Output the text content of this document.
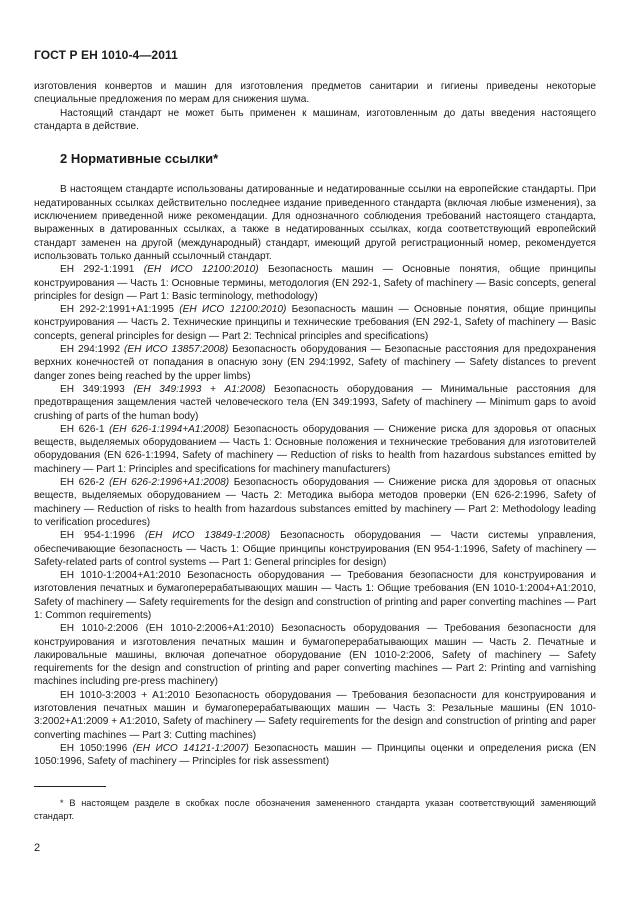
ГОСТ Р ЕН 1010-4—2011

изготовления конвертов и машин для изготовления предметов санитарии и гигиены приведены некоторые специальные предложения по мерам для снижения шума.

Настоящий стандарт не может быть применен к машинам, изготовленным до даты введения настоящего стандарта в действие.

2 Нормативные ссылки*

В настоящем стандарте использованы датированные и недатированные ссылки на европейские стандарты. При недатированных ссылках действительно последнее издание приведенного стандарта (включая любые изменения), за исключением приведенной ниже рекомендации. Для однозначного соблюдения требований настоящего стандарта, выраженных в датированных ссылках, а также в недатированных ссылках, когда соответствующий европейский стандарт заменен на другой (международный) стандарт, имеющий другой регистрационный номер, рекомендуется использовать только данный ссылочный стандарт.

EH 292-1:1991 (ЕН ИСО 12100:2010) Безопасность машин — Основные понятия, общие принципы конструирования — Часть 1: Основные термины, методология (EN 292-1, Safety of machinery — Basic concepts, general principles for design — Part 1: Basic terminology, methodology)

EH 292-2:1991+A1:1995 (ЕН ИСО 12100:2010) Безопасность машин — Основные понятия, общие принципы конструирования — Часть 2. Технические принципы и технические требования (EN 292-1, Safety of machinery — Basic concepts, general principles for design — Part 2: Technical principles and specifications)

EH 294:1992 (ЕН ИСО 13857:2008) Безопасность оборудования — Безопасные расстояния для предохранения верхних конечностей от попадания в опасную зону (EN 294:1992, Safety of machinery — Safety distances to prevent danger zones being reached by the upper limbs)

EH 349:1993 (ЕН 349:1993 + A1:2008) Безопасность оборудования — Минимальные расстояния для предотвращения защемления частей человеческого тела (EN 349:1993, Safety of machinery — Minimum gaps to avoid crushing of parts of the human body)

EH 626-1 (ЕН 626-1:1994+A1:2008) Безопасность оборудования — Снижение риска для здоровья от опасных веществ, выделяемых оборудованием — Часть 1: Основные положения и технические требования для изготовителей оборудования (EN 626-1:1994, Safety of machinery — Reduction of risks to health from hazardous substances emitted by machinery — Part 1: Principles and specifications for machinery manufacturers)

EH 626-2 (ЕН 626-2:1996+A1:2008) Безопасность оборудования — Снижение риска для здоровья от опасных веществ, выделяемых оборудованием — Часть 2: Методика выбора методов проверки (EN 626-2:1996, Safety of machinery — Reduction of risks to health from hazardous substances emitted by machinery — Part 2: Methodology leading to verification procedures)

EH 954-1:1996 (ЕН ИСО 13849-1:2008) Безопасность оборудования — Части системы управления, обеспечивающие безопасность — Часть 1: Общие принципы конструирования (EN 954-1:1996, Safety of machinery — Safety-related parts of control systems — Part 1: General principles for design)

EH 1010-1:2004+A1:2010 Безопасность оборудования — Требования безопасности для конструирования и изготовления печатных и бумагоперерабатывающих машин — Часть 1: Общие требования (EN 1010-1:2004+A1:2010, Safety of machinery — Safety requirements for the design and construction of printing and paper converting machines — Part 1: Common requirements)

EH 1010-2:2006 (EH 1010-2:2006+A1:2010) Безопасность оборудования — Требования безопасности для конструирования и изготовления печатных машин и бумагоперерабатывающих машин — Часть 2. Печатные и лакировальные машины, включая допечатное оборудование (EN 1010-2:2006, Safety of machinery — Safety requirements for the design and construction of printing and paper converting machines — Part 2: Printing and varnishing machines including pre-press machinery)

EH 1010-3:2003 + A1:2010 Безопасность оборудования — Требования безопасности для конструирования и изготовления печатных машин и бумагоперерабатывающих машин — Часть 3: Резальные машины (EN 1010-3:2002+A1:2009 + A1:2010, Safety of machinery — Safety requirements for the design and construction of printing and paper converting machines — Part 3: Cutting machines)

EH 1050:1996 (ЕН ИСО 14121-1:2007) Безопасность машин — Принципы оценки и определения риска (EN 1050:1996, Safety of machinery — Principles for risk assessment)

* В настоящем разделе в скобках после обозначения замененного стандарта указан соответствующий заменяющий стандарт.
2
